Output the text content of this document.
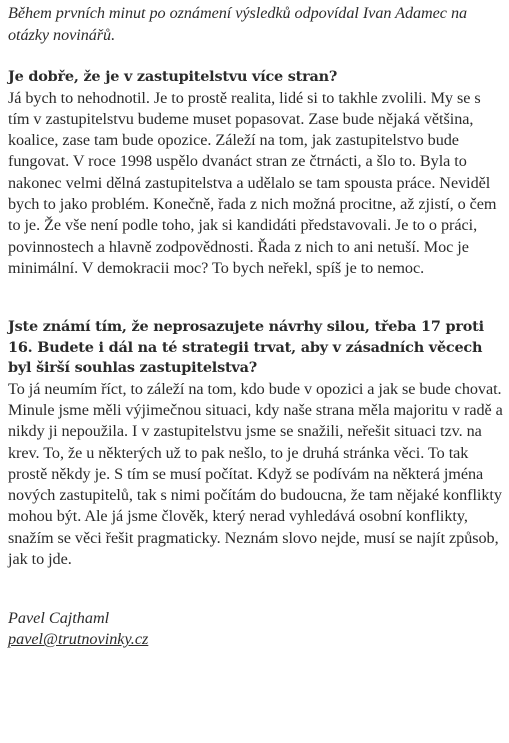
Během prvních minut po oznámení výsledků odpovídal Ivan Adamec na otázky novinářů.

Je dobře, že je v zastupitelstvu více stran?

Já bych to nehodnotil. Je to prostě realita, lidé si to takhle zvolili. My se s tím v zastupitelstvu budeme muset popasovat. Zase bude nějaká většina, koalice, zase tam bude opozice. Záleží na tom, jak zastupitelstvo bude fungovat. V roce 1998 uspělo dvanáct stran ze čtrnácti, a šlo to. Byla to nakonec velmi dělná zastupitelstva a udělalo se tam spousta práce. Neviděl bych to jako problém. Konečně, řada z nich možná procitne, až zjistí, o čem to je. Že vše není podle toho, jak si kandidáti představovali. Je to o práci, povinnostech a hlavně zodpovědnosti. Řada z nich to ani netuší. Moc je minimální. V demokracii moc? To bych neřekl, spíš je to nemoc.

Jste známí tím, že neprosazujete návrhy silou, třeba 17 proti 16. Budete i dál na té strategii trvat, aby v zásadních věcech byl širší souhlas zastupitelstva?

To já neumím říct, to záleží na tom, kdo bude v opozici a jak se bude chovat. Minule jsme měli výjimečnou situaci, kdy naše strana měla majoritu v radě a nikdy ji nepoužila. I v zastupitelstvu jsme se snažili, neřešit situaci tzv. na krev. To, že u některých už to pak nešlo, to je druhá stránka věci. To tak prostě někdy je. S tím se musí počítat. Když se podívám na některá jména nových zastupitelů, tak s nimi počítám do budoucna, že tam nějaké konflikty mohou být. Ale já jsme člověk, který nerad vyhledává osobní konflikty, snažím se věci řešit pragmaticky. Neznám slovo nejde, musí se najít způsob, jak to jde.

Pavel Cajthaml
pavel@trutnovinky.cz
